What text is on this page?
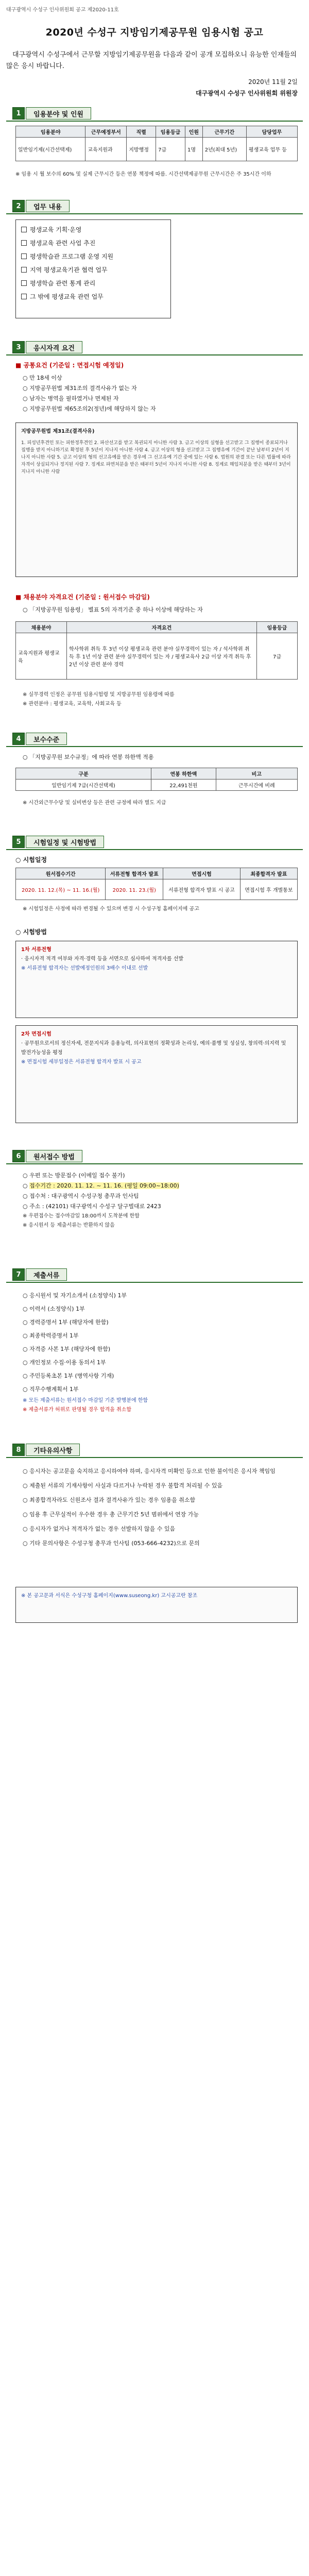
대구광역시 수성구 인사위원회 공고 제2020-11호
2020년 수성구 지방임기제공무원 임용시험 공고
대구광역시 수성구에서 근무할 지방임기제공무원을 다음과 같이 공개 모집하오니 유능한 인재들의 많은 응시 바랍니다.
2020년 11월 2일
대구광역시 수성구 인사위원회 위원장
1	임용분야 및 인원
임용분야	근무예정부서	직렬	임용등급	인원	근무기간	담당업무
일반임기제(시간선택제)	교육지원과	지방행정	7급	1명	2년(최대 5년)	평생교육 업무 등
※ 임용 시 월 보수의 60% 및 실제 근무시간 등은 연봉 책정에 따름. 시간선택제공무원 근무시간은 주 35시간 이하
2	업무 내용
평생교육 기획·운영
평생교육 관련 사업 추진
평생학습관 프로그램 운영 지원
지역 평생교육기관 협력 업무
평생학습 관련 통계 관리
그 밖에 평생교육 관련 업무
3	응시자격 요건
■ 공통요건 (기준일 : 면접시험 예정일)
○ 만 18세 이상
○ 지방공무원법 제31조의 결격사유가 없는 자
○ 남자는 병역을 필하였거나 면제된 자
○ 지방공무원법 제65조의2(정년)에 해당하지 않는 자
지방공무원법 제31조(결격사유)
1. 피성년후견인 또는 피한정후견인 2. 파산선고를 받고 복권되지 아니한 사람 3. 금고 이상의 실형을 선고받고 그 집행이 종료되거나 집행을 받지 아니하기로 확정된 후 5년이 지나지 아니한 사람 4. 금고 이상의 형을 선고받고 그 집행유예 기간이 끝난 날부터 2년이 지나지 아니한 사람 5. 금고 이상의 형의 선고유예를 받은 경우에 그 선고유예 기간 중에 있는 사람 6. 법원의 판결 또는 다른 법률에 따라 자격이 상실되거나 정지된 사람 7. 징계로 파면처분을 받은 때부터 5년이 지나지 아니한 사람 8. 징계로 해임처분을 받은 때부터 3년이 지나지 아니한 사람
■ 채용분야 자격요건 (기준일 : 원서접수 마감일)
○ 「지방공무원 임용령」 별표 5의 자격기준 중 하나 이상에 해당하는 자
채용분야	자격요건	임용등급
교육지원과 평생교육	학사학위 취득 후 3년 이상 평생교육 관련 분야 실무경력이 있는 자 / 석사학위 취득 후 1년 이상 관련 분야 실무경력이 있는 자 / 평생교육사 2급 이상 자격 취득 후 2년 이상 관련 분야 경력	7급
※ 실무경력 인정은 공무원 임용시험령 및 지방공무원 임용령에 따름
※ 관련분야 : 평생교육, 교육학, 사회교육 등
4	보수수준
○ 「지방공무원 보수규정」에 따라 연봉 하한액 적용
구분	연봉 하한액	비고
일반임기제 7급(시간선택제)	22,491천원	근무시간에 비례
※ 시간외근무수당 및 실비변상 등은 관련 규정에 따라 별도 지급
5	시험일정 및 시험방법
○ 시험일정
원서접수기간	서류전형 합격자 발표	면접시험	최종합격자 발표
2020. 11. 12.(목) ~ 11. 16.(월)	2020. 11. 23.(월)	서류전형 합격자 발표 시 공고	면접시험 후 개별통보
※ 시험일정은 사정에 따라 변경될 수 있으며 변경 시 수성구청 홈페이지에 공고
○ 시험방법
1차 서류전형
· 응시자격 적격 여부와 자격·경력 등을 서면으로 심사하여 적격자를 선발
※ 서류전형 합격자는 선발예정인원의 3배수 이내로 선발
2차 면접시험
· 공무원으로서의 정신자세, 전문지식과 응용능력, 의사표현의 정확성과 논리성, 예의·품행 및 성실성, 창의력·의지력 및 발전가능성을 평정
※ 면접시험 세부일정은 서류전형 합격자 발표 시 공고
6	원서접수 방법
○ 우편 또는 방문접수 (이메일 접수 불가)
○ 접수기간 : 2020. 11. 12. ~ 11. 16. (평일 09:00~18:00)
○ 접수처 : 대구광역시 수성구청 총무과 인사팀
○ 주소 : (42101) 대구광역시 수성구 달구벌대로 2423
※ 우편접수는 접수마감일 18:00까지 도착분에 한함
※ 응시원서 등 제출서류는 반환하지 않음
7	제출서류
○ 응시원서 및 자기소개서 (소정양식) 1부
○ 이력서 (소정양식) 1부
○ 경력증명서 1부 (해당자에 한함)
○ 최종학력증명서 1부
○ 자격증 사본 1부 (해당자에 한함)
○ 개인정보 수집·이용 동의서 1부
○ 주민등록초본 1부 (병역사항 기재)
○ 직무수행계획서 1부
※ 모든 제출서류는 원서접수 마감일 기준 발행분에 한함
※ 제출서류가 허위로 판명될 경우 합격을 취소함
8	기타유의사항
○ 응시자는 공고문을 숙지하고 응시하여야 하며, 응시자격 미확인 등으로 인한 불이익은 응시자 책임임
○ 제출된 서류의 기재사항이 사실과 다르거나 누락된 경우 불합격 처리될 수 있음
○ 최종합격자라도 신원조사 결과 결격사유가 있는 경우 임용을 취소함
○ 임용 후 근무실적이 우수한 경우 총 근무기간 5년 범위에서 연장 가능
○ 응시자가 없거나 적격자가 없는 경우 선발하지 않을 수 있음
○ 기타 문의사항은 수성구청 총무과 인사팀 (053-666-4232)으로 문의
※ 본 공고문과 서식은 수성구청 홈페이지(www.suseong.kr) 고시공고란 참조
